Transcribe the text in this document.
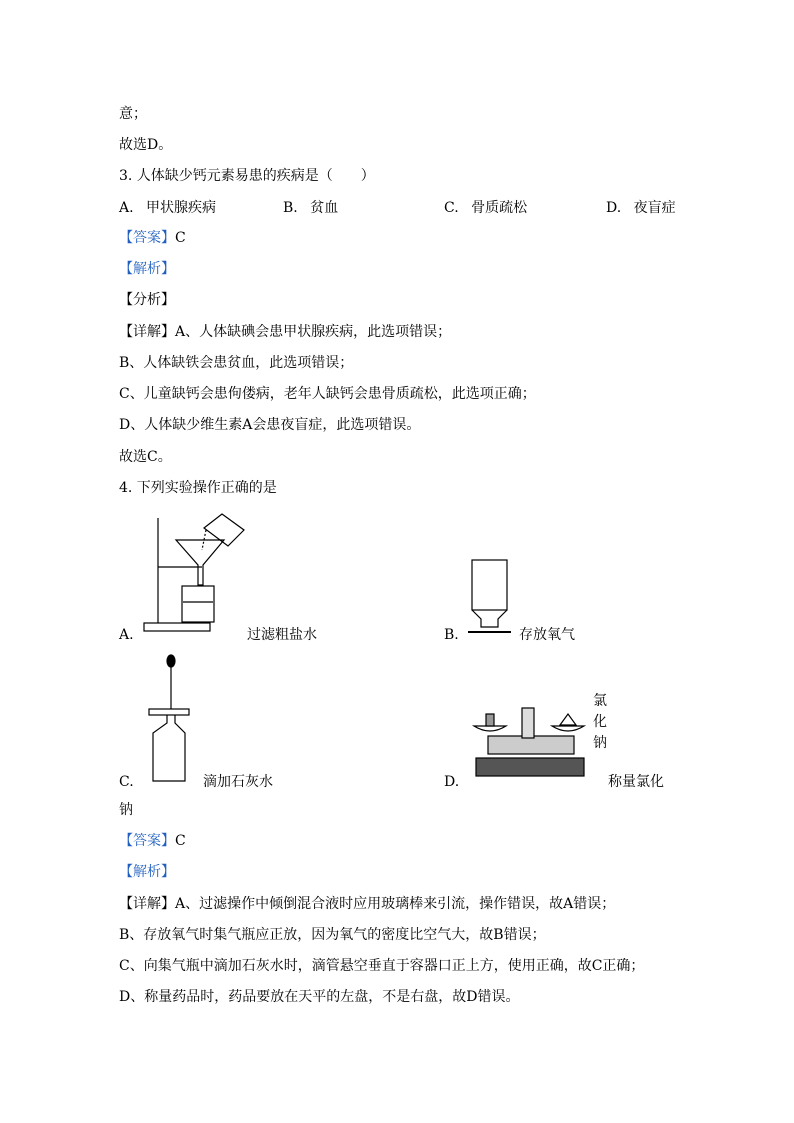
意；
故选D。
3. 人体缺少钙元素易患的疾病是（　　）
A. 甲状腺疾病	B. 贫血	C. 骨质疏松	D. 夜盲症
【答案】C
【解析】
【分析】
【详解】A、人体缺碘会患甲状腺疾病，此选项错误；
B、人体缺铁会患贫血，此选项错误；
C、儿童缺钙会患佝偻病，老年人缺钙会患骨质疏松，此选项正确；
D、人体缺少维生素A会患夜盲症，此选项错误。
故选C。
4. 下列实验操作正确的是
A.	过滤粗盐水	B.	存放氧气
C.	滴加石灰水
氯
化
钠
D.	称量氯化
钠
【答案】C
【解析】
【详解】A、过滤操作中倾倒混合液时应用玻璃棒来引流，操作错误，故A错误；
B、存放氧气时集气瓶应正放，因为氧气的密度比空气大，故B错误；
C、向集气瓶中滴加石灰水时，滴管悬空垂直于容器口正上方，使用正确，故C正确；
D、称量药品时，药品要放在天平的左盘，不是右盘，故D错误。
